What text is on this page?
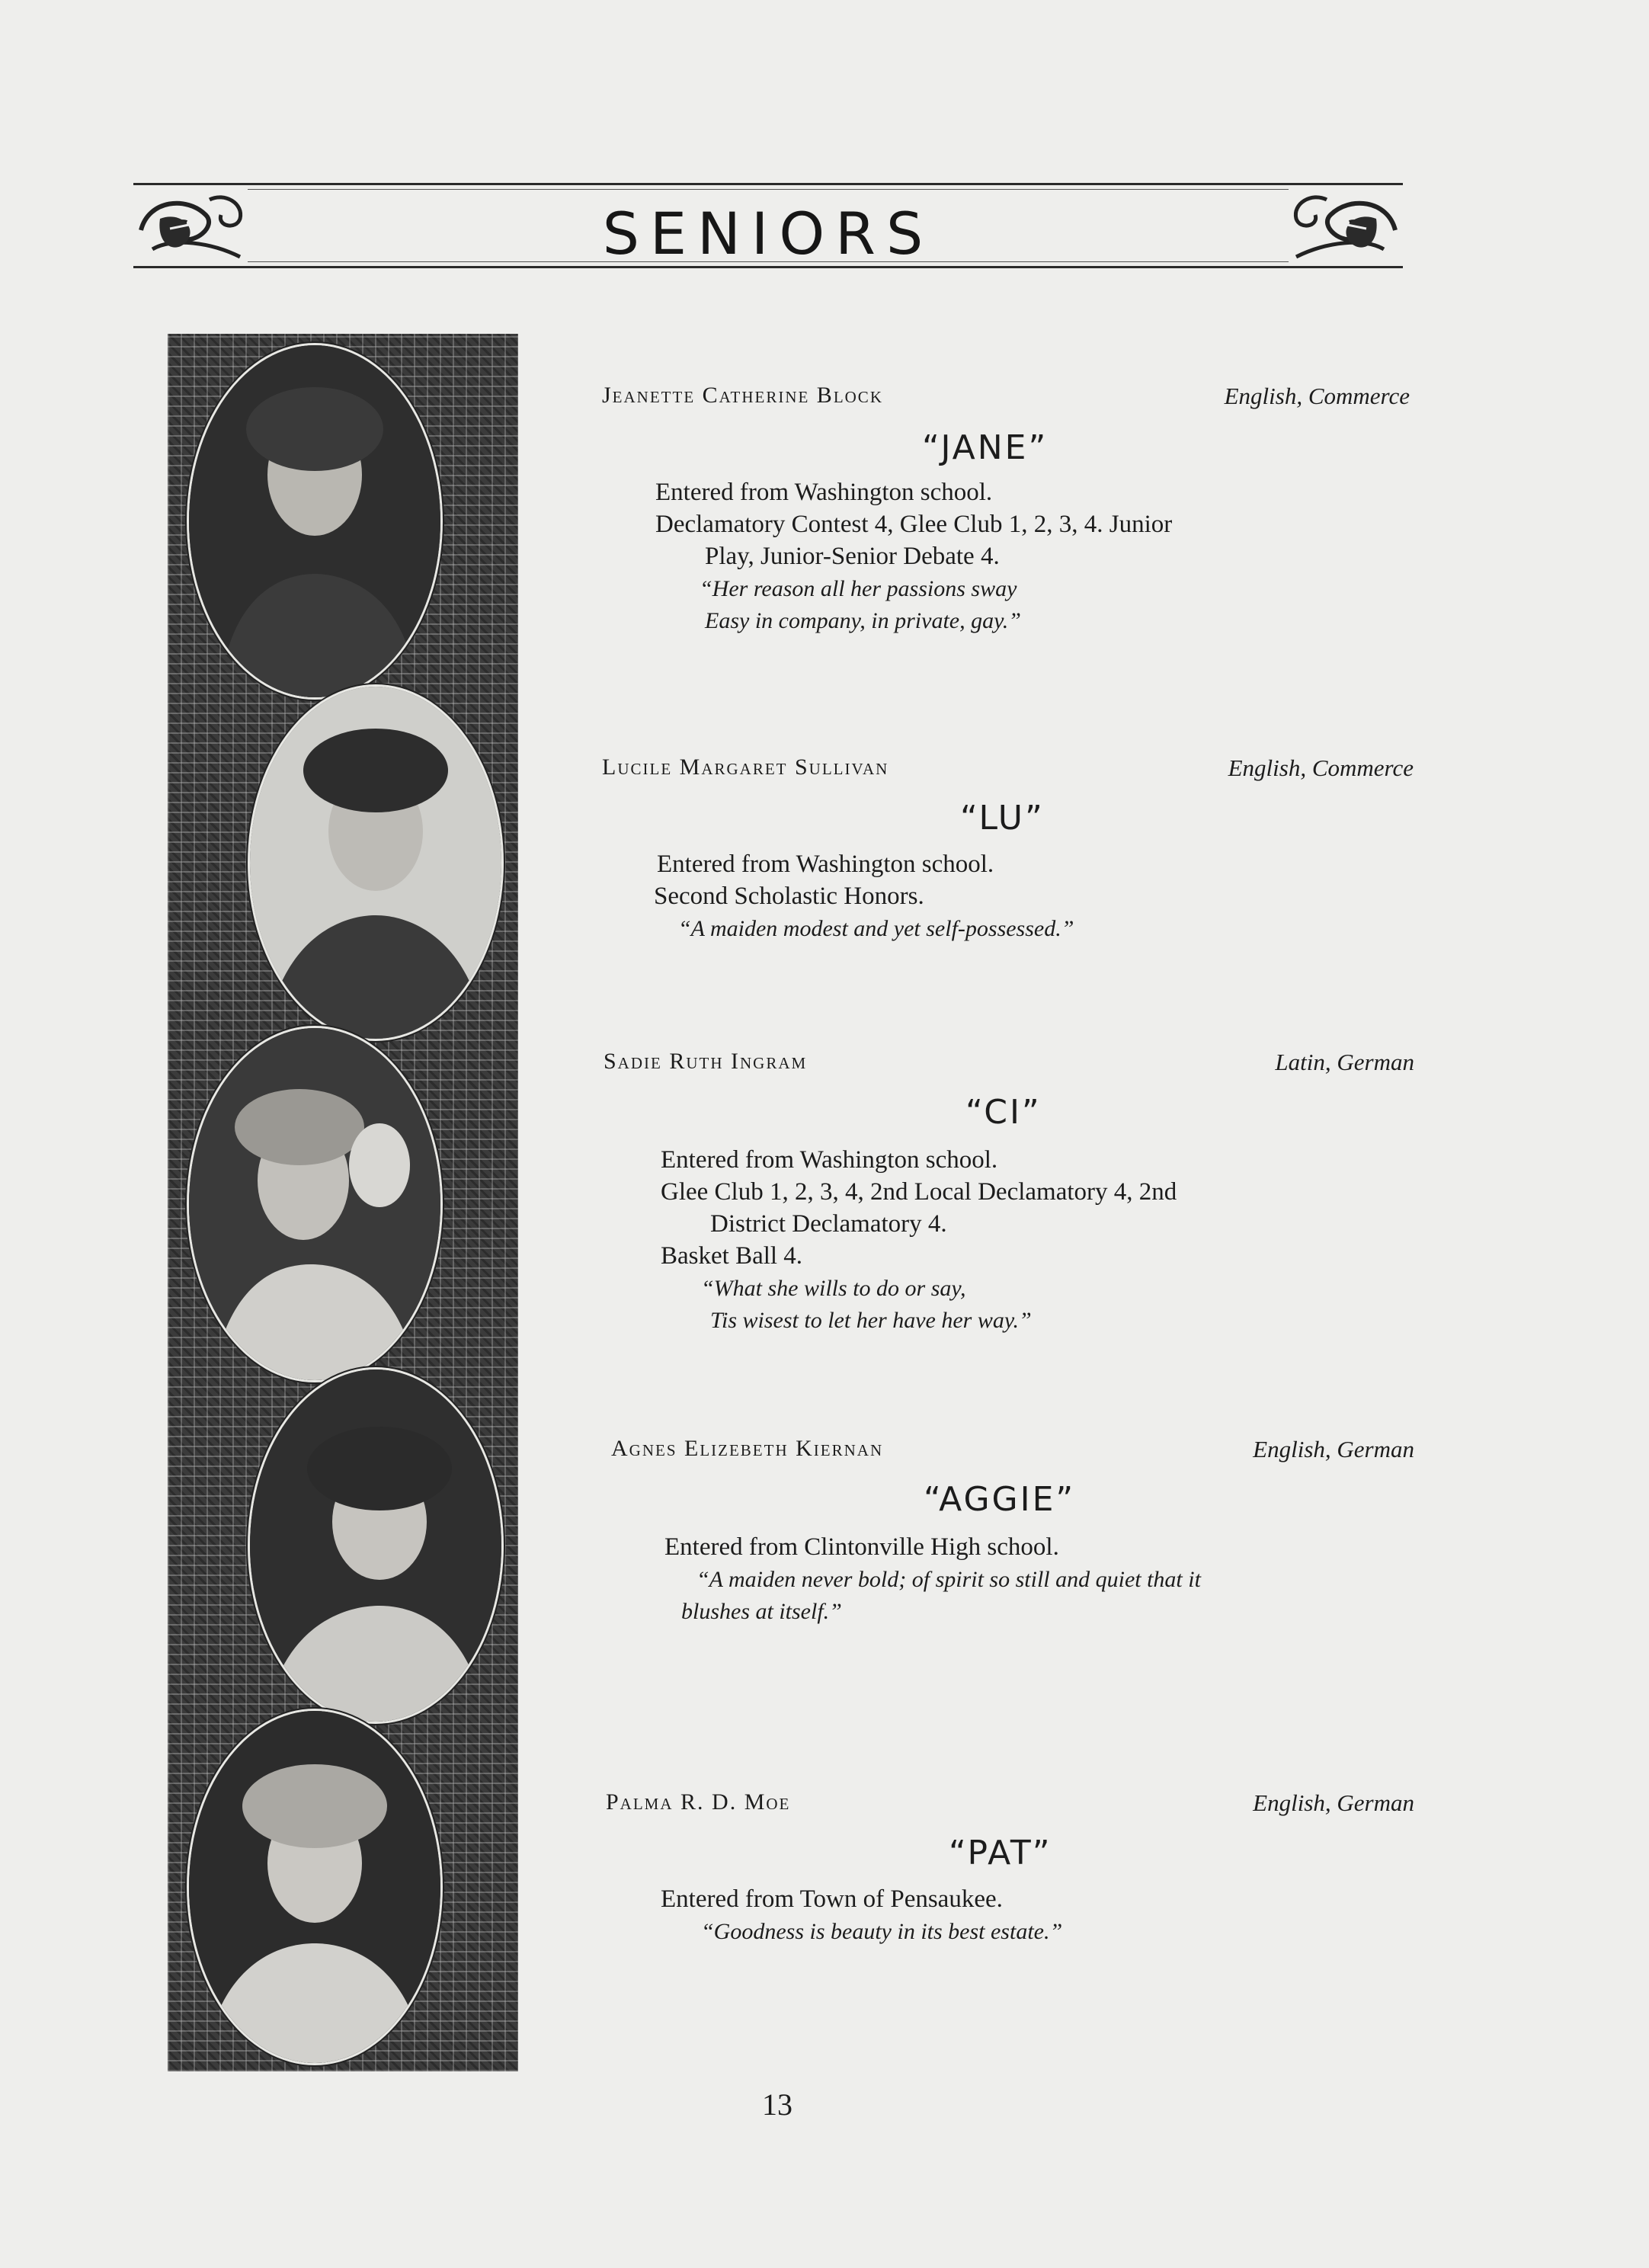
SENIORS
Jeanette Catherine Block	English, Commerce
“JANE”
Entered from Washington school.
Declamatory Contest 4, Glee Club 1, 2, 3, 4. Junior
Play, Junior-Senior Debate 4.
“Her reason all her passions sway
Easy in company, in private, gay.”
Lucile Margaret Sullivan	English, Commerce
“LU”
Entered from Washington school.
Second Scholastic Honors.
“A maiden modest and yet self-possessed.”
Sadie Ruth Ingram	Latin, German
“CI”
Entered from Washington school.
Glee Club 1, 2, 3, 4, 2nd Local Declamatory 4, 2nd
District Declamatory 4.
Basket Ball 4.
“What she wills to do or say,
Tis wisest to let her have her way.”
Agnes Elizebeth Kiernan	English, German
“AGGIE”
Entered from Clintonville High school.
“A maiden never bold; of spirit so still and quiet that it
blushes at itself.”
Palma R. D. Moe	English, German
“PAT”
Entered from Town of Pensaukee.
“Goodness is beauty in its best estate.”
13
